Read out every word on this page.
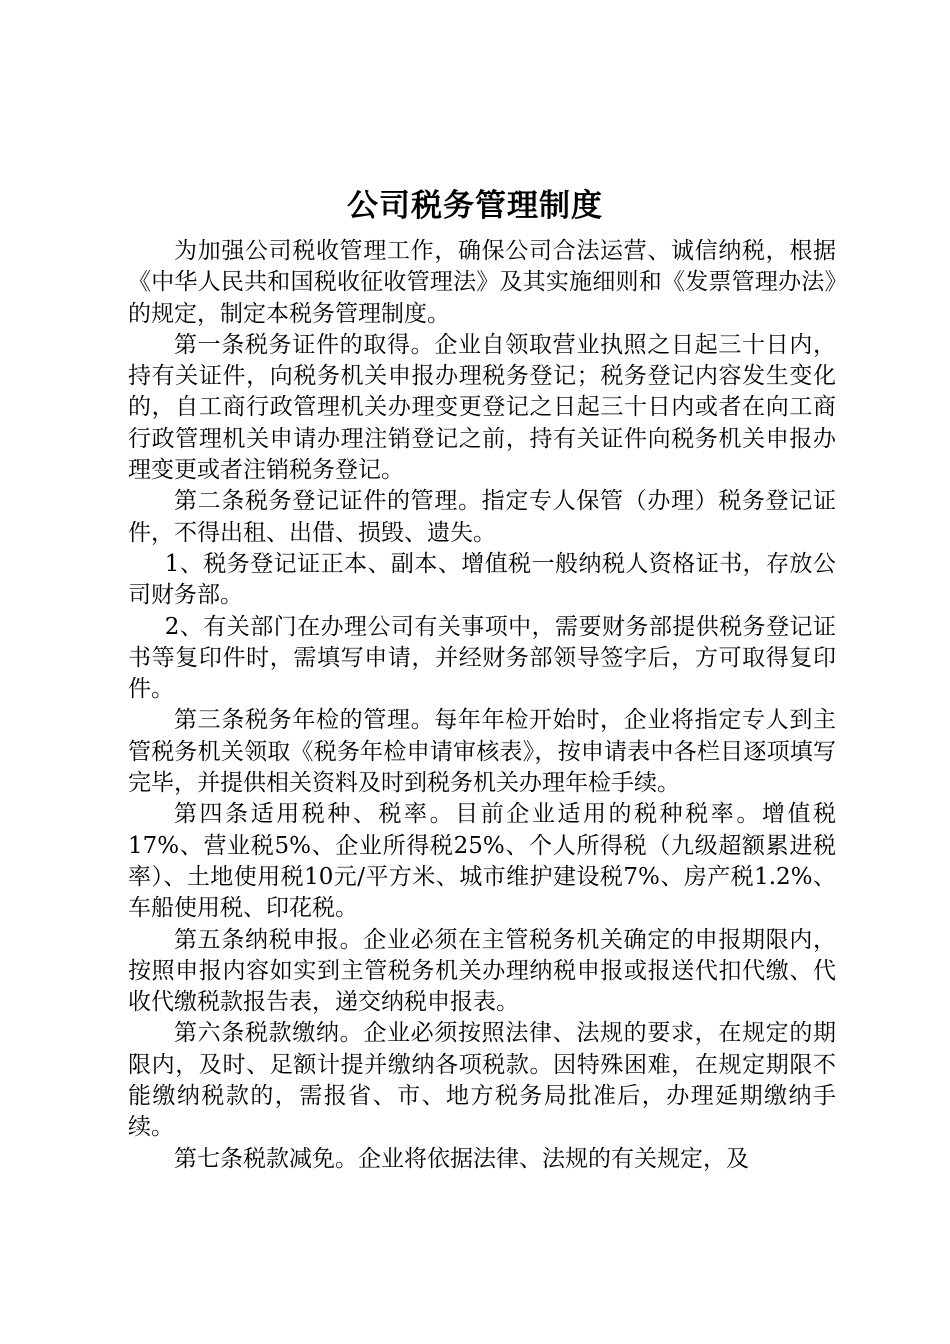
公司税务管理制度

为加强公司税收管理工作，确保公司合法运营、诚信纳税，根据《中华人民共和国税收征收管理法》及其实施细则和《发票管理办法》的规定，制定本税务管理制度。

第一条税务证件的取得。企业自领取营业执照之日起三十日内，持有关证件，向税务机关申报办理税务登记；税务登记内容发生变化的，自工商行政管理机关办理变更登记之日起三十日内或者在向工商行政管理机关申请办理注销登记之前，持有关证件向税务机关申报办理变更或者注销税务登记。

第二条税务登记证件的管理。指定专人保管（办理）税务登记证件，不得出租、出借、损毁、遗失。

1、税务登记证正本、副本、增值税一般纳税人资格证书，存放公司财务部。

2、有关部门在办理公司有关事项中，需要财务部提供税务登记证书等复印件时，需填写申请，并经财务部领导签字后，方可取得复印件。

第三条税务年检的管理。每年年检开始时，企业将指定专人到主管税务机关领取《税务年检申请审核表》，按申请表中各栏目逐项填写完毕，并提供相关资料及时到税务机关办理年检手续。

第四条适用税种、税率。目前企业适用的税种税率。增值税17%、营业税5%、企业所得税25%、个人所得税（九级超额累进税率）、土地使用税10元/平方米、城市维护建设税7%、房产税1.2%、车船使用税、印花税。

第五条纳税申报。企业必须在主管税务机关确定的申报期限内，按照申报内容如实到主管税务机关办理纳税申报或报送代扣代缴、代收代缴税款报告表，递交纳税申报表。

第六条税款缴纳。企业必须按照法律、法规的要求，在规定的期限内，及时、足额计提并缴纳各项税款。因特殊困难，在规定期限不能缴纳税款的，需报省、市、地方税务局批准后，办理延期缴纳手续。

第七条税款减免。企业将依据法律、法规的有关规定，及
